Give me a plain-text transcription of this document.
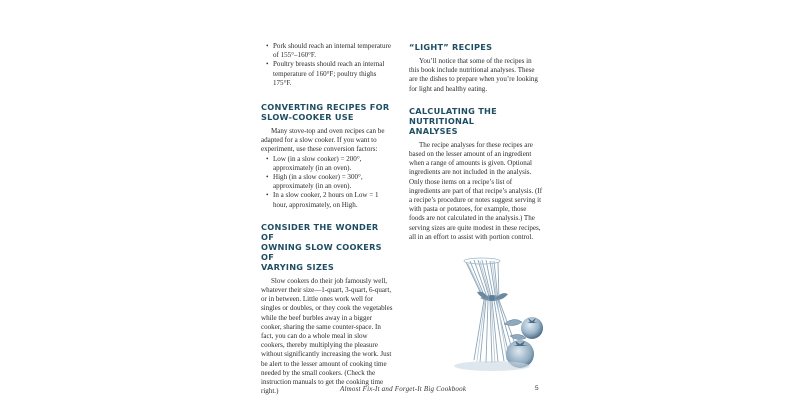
• Pork should reach an internal temperature of 155°–160°F.
• Poultry breasts should reach an internal temperature of 160°F; poultry thighs 175°F.
CONVERTING RECIPES FOR
SLOW-COOKER USE

Many stove-top and oven recipes can be adapted for a slow cooker. If you want to experiment, use these conversion factors:

• Low (in a slow cooker) = 200°, approximately (in an oven).
• High (in a slow cooker) = 300°, approximately (in an oven).
• In a slow cooker, 2 hours on Low = 1 hour, approximately, on High.
CONSIDER THE WONDER OF
OWNING SLOW COOKERS OF
VARYING SIZES

Slow cookers do their job famously well, whatever their size—1-quart, 3-quart, 6-quart, or in between. Little ones work well for singles or doubles, or they cook the vegetables while the beef burbles away in a bigger cooker, sharing the same counter-space. In fact, you can do a whole meal in slow cookers, thereby multiplying the pleasure without significantly increasing the work. Just be alert to the lesser amount of cooking time needed by the small cookers. (Check the instruction manuals to get the cooking time right.)

“LIGHT” RECIPES

You’ll notice that some of the recipes in this book include nutritional analyses. These are the dishes to prepare when you’re looking for light and healthy eating.

CALCULATING THE NUTRITIONAL
ANALYSES

The recipe analyses for these recipes are based on the lesser amount of an ingredient when a range of amounts is given. Optional ingredients are not included in the analysis. Only those items on a recipe’s list of ingredients are part of that recipe’s analysis. (If a recipe’s procedure or notes suggest serving it with pasta or potatoes, for example, those foods are not calculated in the analysis.) The serving sizes are quite modest in these recipes, all in an effort to assist with portion control.

Almost Fix-It and Forget-It Big Cookbook	5
